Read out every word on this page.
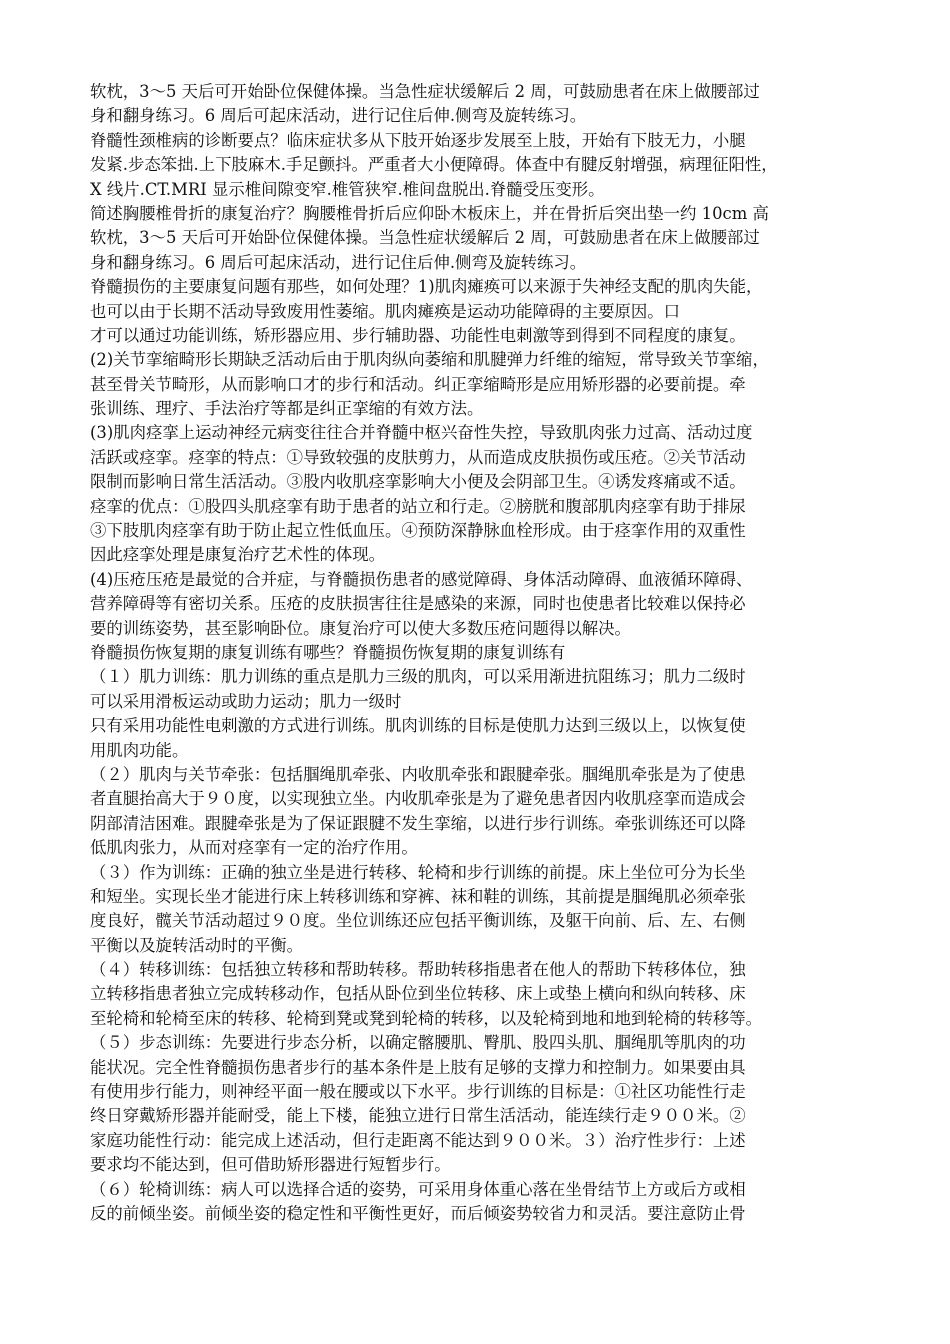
软枕，3～5 天后可开始卧位保健体操。当急性症状缓解后 2 周，可鼓励患者在床上做腰部过
身和翻身练习。6 周后可起床活动，进行记住后伸.侧弯及旋转练习。
脊髓性颈椎病的诊断要点？临床症状多从下肢开始逐步发展至上肢，开始有下肢无力，小腿
发紧.步态笨拙.上下肢麻木.手足颤抖。严重者大小便障碍。体查中有腱反射增强，病理征阳性，
X 线片.CT.MRI 显示椎间隙变窄.椎管狭窄.椎间盘脱出.脊髓受压变形。
简述胸腰椎骨折的康复治疗？胸腰椎骨折后应仰卧木板床上，并在骨折后突出垫一约 10cm 高
软枕，3～5 天后可开始卧位保健体操。当急性症状缓解后 2 周，可鼓励患者在床上做腰部过
身和翻身练习。6 周后可起床活动，进行记住后伸.侧弯及旋转练习。
脊髓损伤的主要康复问题有那些，如何处理？1)肌肉瘫痪可以来源于失神经支配的肌肉失能，
也可以由于长期不活动导致废用性萎缩。肌肉瘫痪是运动功能障碍的主要原因。口
才可以通过功能训练，矫形器应用、步行辅助器、功能性电刺激等到得到不同程度的康复。
(2)关节挛缩畸形长期缺乏活动后由于肌肉纵向萎缩和肌腱弹力纤维的缩短，常导致关节挛缩，
甚至骨关节畸形，从而影响口才的步行和活动。纠正挛缩畸形是应用矫形器的必要前提。牵
张训练、理疗、手法治疗等都是纠正挛缩的有效方法。
(3)肌肉痉挛上运动神经元病变往往合并脊髓中枢兴奋性失控，导致肌肉张力过高、活动过度
活跃或痉挛。痉挛的特点：①导致较强的皮肤剪力，从而造成皮肤损伤或压疮。②关节活动
限制而影响日常生活活动。③股内收肌痉挛影响大小便及会阴部卫生。④诱发疼痛或不适。
痉挛的优点：①股四头肌痉挛有助于患者的站立和行走。②膀胱和腹部肌肉痉挛有助于排尿
③下肢肌肉痉挛有助于防止起立性低血压。④预防深静脉血栓形成。由于痉挛作用的双重性
因此痉挛处理是康复治疗艺术性的体现。
(4)压疮压疮是最觉的合并症，与脊髓损伤患者的感觉障碍、身体活动障碍、血液循环障碍、
营养障碍等有密切关系。压疮的皮肤损害往往是感染的来源，同时也使患者比较难以保持必
要的训练姿势，甚至影响卧位。康复治疗可以使大多数压疮问题得以解决。
脊髓损伤恢复期的康复训练有哪些？脊髓损伤恢复期的康复训练有
（１）肌力训练：肌力训练的重点是肌力三级的肌肉，可以采用渐进抗阻练习；肌力二级时
可以采用滑板运动或助力运动；肌力一级时
只有采用功能性电刺激的方式进行训练。肌肉训练的目标是使肌力达到三级以上，以恢复使
用肌肉功能。
（２）肌肉与关节牵张：包括腘绳肌牵张、内收肌牵张和跟腱牵张。腘绳肌牵张是为了使患
者直腿抬高大于９０度，以实现独立坐。内收肌牵张是为了避免患者因内收肌痉挛而造成会
阴部清洁困难。跟腱牵张是为了保证跟腱不发生挛缩，以进行步行训练。牵张训练还可以降
低肌肉张力，从而对痉挛有一定的治疗作用。
（３）作为训练：正确的独立坐是进行转移、轮椅和步行训练的前提。床上坐位可分为长坐
和短坐。实现长坐才能进行床上转移训练和穿裤、袜和鞋的训练，其前提是腘绳肌必须牵张
度良好，髋关节活动超过９０度。坐位训练还应包括平衡训练，及躯干向前、后、左、右侧
平衡以及旋转活动时的平衡。
（４）转移训练：包括独立转移和帮助转移。帮助转移指患者在他人的帮助下转移体位，独
立转移指患者独立完成转移动作，包括从卧位到坐位转移、床上或垫上横向和纵向转移、床
至轮椅和轮椅至床的转移、轮椅到凳或凳到轮椅的转移，以及轮椅到地和地到轮椅的转移等。
（５）步态训练：先要进行步态分析，以确定髂腰肌、臀肌、股四头肌、腘绳肌等肌肉的功
能状况。完全性脊髓损伤患者步行的基本条件是上肢有足够的支撑力和控制力。如果要由具
有使用步行能力，则神经平面一般在腰或以下水平。步行训练的目标是：①社区功能性行走
终日穿戴矫形器并能耐受，能上下楼，能独立进行日常生活活动，能连续行走９００米。②
家庭功能性行动：能完成上述活动，但行走距离不能达到９００米。３）治疗性步行：上述
要求均不能达到，但可借助矫形器进行短暂步行。
（６）轮椅训练：病人可以选择合适的姿势，可采用身体重心落在坐骨结节上方或后方或相
反的前倾坐姿。前倾坐姿的稳定性和平衡性更好，而后倾姿势较省力和灵活。要注意防止骨
